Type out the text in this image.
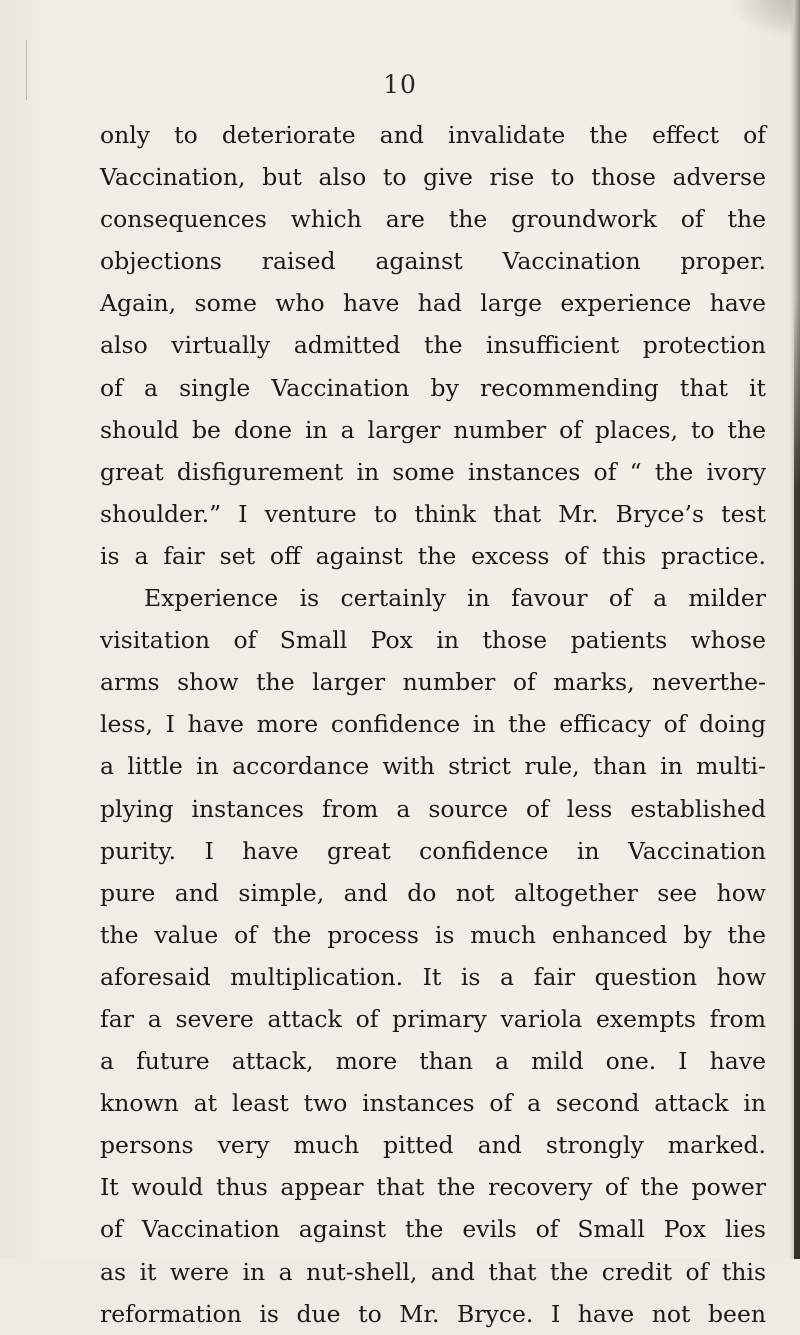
10
only to deteriorate and invalidate the effect of
Vaccination, but also to give rise to those adverse
consequences which are the groundwork of the
objections raised against Vaccination proper.
Again, some who have had large experience have
also virtually admitted the insufficient protection
of a single Vaccination by recommending that it
should be done in a larger number of places, to the
great disfigurement in some instances of “ the ivory
shoulder.” I venture to think that Mr. Bryce’s test
is a fair set off against the excess of this practice.
Experience is certainly in favour of a milder
visitation of Small Pox in those patients whose
arms show the larger number of marks, neverthe-
less, I have more confidence in the efficacy of doing
a little in accordance with strict rule, than in multi-
plying instances from a source of less established
purity. I have great confidence in Vaccination
pure and simple, and do not altogether see how
the value of the process is much enhanced by the
aforesaid multiplication. It is a fair question how
far a severe attack of primary variola exempts from
a future attack, more than a mild one. I have
known at least two instances of a second attack in
persons very much pitted and strongly marked.
It would thus appear that the recovery of the power
of Vaccination against the evils of Small Pox lies
as it were in a nut-shell, and that the credit of this
reformation is due to Mr. Bryce. I have not been
